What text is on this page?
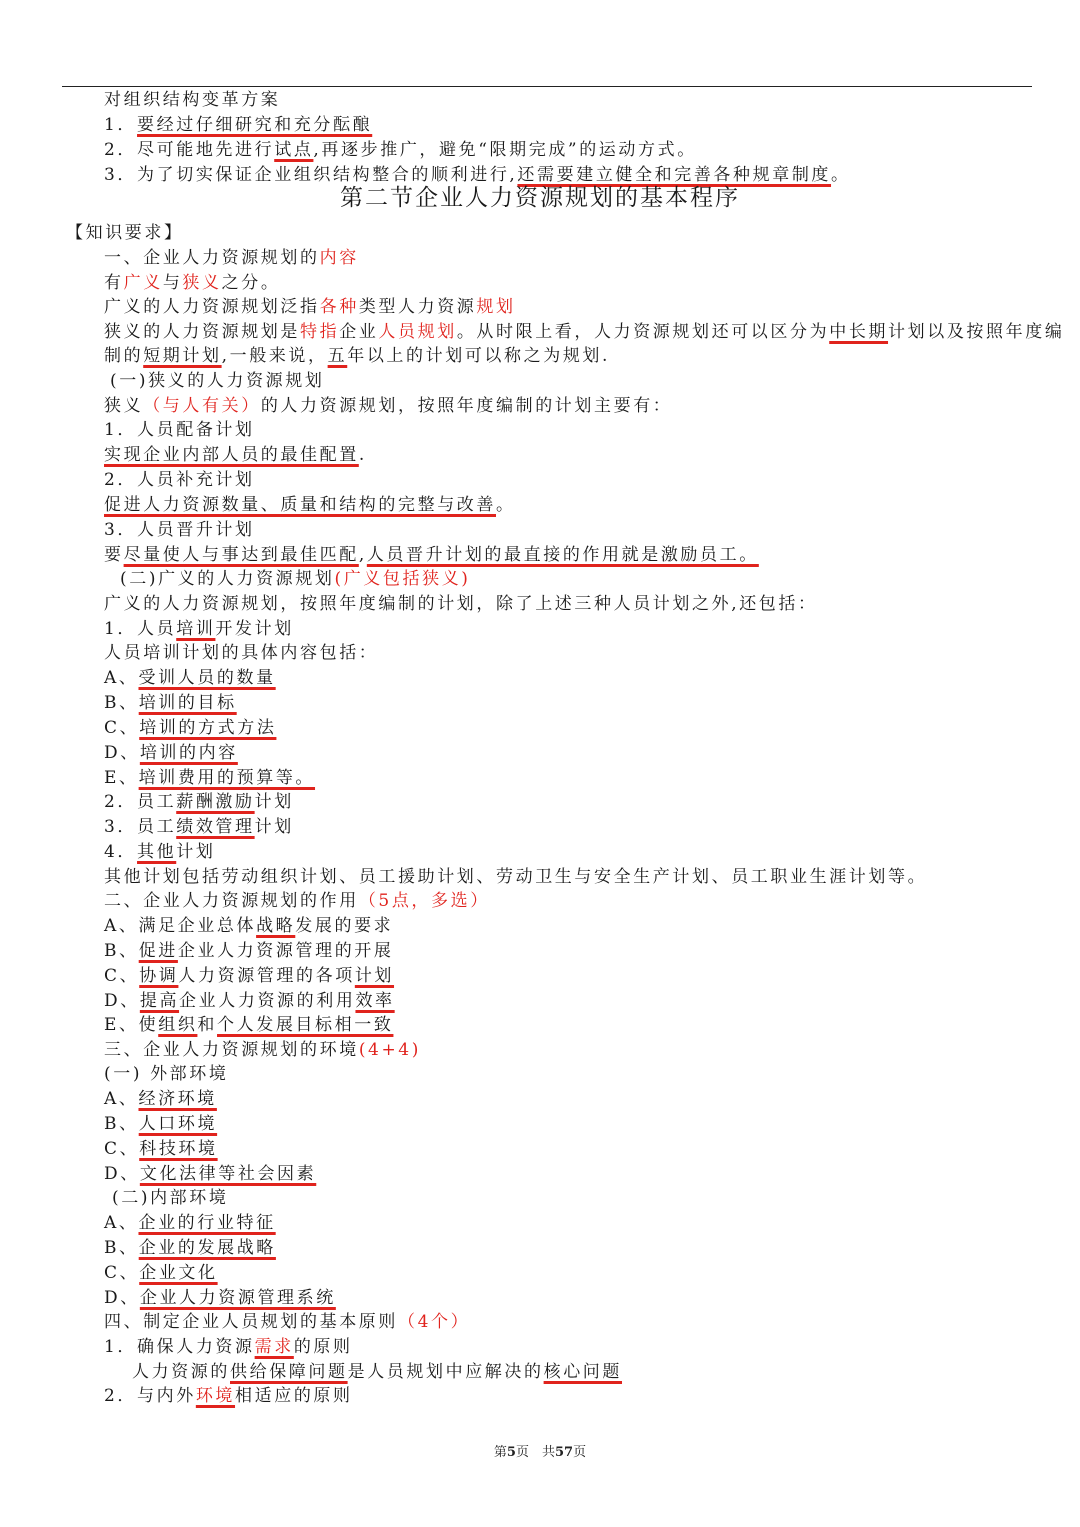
对组织结构变革方案
1．要经过仔细研究和充分酝酿
2．尽可能地先进行试点,再逐步推广，避免“限期完成”的运动方式。
3．为了切实保证企业组织结构整合的顺利进行,还需要建立健全和完善各种规章制度。
【知识要求】
一、企业人力资源规划的内容
有广义与狭义之分。
广义的人力资源规划泛指各种类型人力资源规划
狭义的人力资源规划是特指企业人员规划。从时限上看，人力资源规划还可以区分为中长期计划以及按照年度编
制的短期计划,一般来说，五年以上的计划可以称之为规划.
(一)狭义的人力资源规划
狭义（与人有关）的人力资源规划，按照年度编制的计划主要有：
1．人员配备计划
实现企业内部人员的最佳配置.
2．人员补充计划
促进人力资源数量、质量和结构的完整与改善。
3．人员晋升计划
要尽量使人与事达到最佳匹配,人员晋升计划的最直接的作用就是激励员工。
(二)广义的人力资源规划(广义包括狭义)
广义的人力资源规划，按照年度编制的计划，除了上述三种人员计划之外,还包括：
1．人员培训开发计划
人员培训计划的具体内容包括：
A、受训人员的数量
B、培训的目标
C、培训的方式方法
D、培训的内容
E、培训费用的预算等。
2．员工薪酬激励计划
3．员工绩效管理计划
4．其他计划
其他计划包括劳动组织计划、员工援助计划、劳动卫生与安全生产计划、员工职业生涯计划等。
二、企业人力资源规划的作用（5点，多选）
A、满足企业总体战略发展的要求
B、促进企业人力资源管理的开展
C、协调人力资源管理的各项计划
D、提高企业人力资源的利用效率
E、使组织和个人发展目标相一致
三、企业人力资源规划的环境(4+4)
(一) 外部环境
A、经济环境
B、人口环境
C、科技环境
D、文化法律等社会因素
(二)内部环境
A、企业的行业特征
B、企业的发展战略
C、企业文化
D、企业人力资源管理系统
四、制定企业人员规划的基本原则（4个）
1．确保人力资源需求的原则
人力资源的供给保障问题是人员规划中应解决的核心问题
2．与内外环境相适应的原则
第二节企业人力资源规划的基本程序
第5页　共57页
